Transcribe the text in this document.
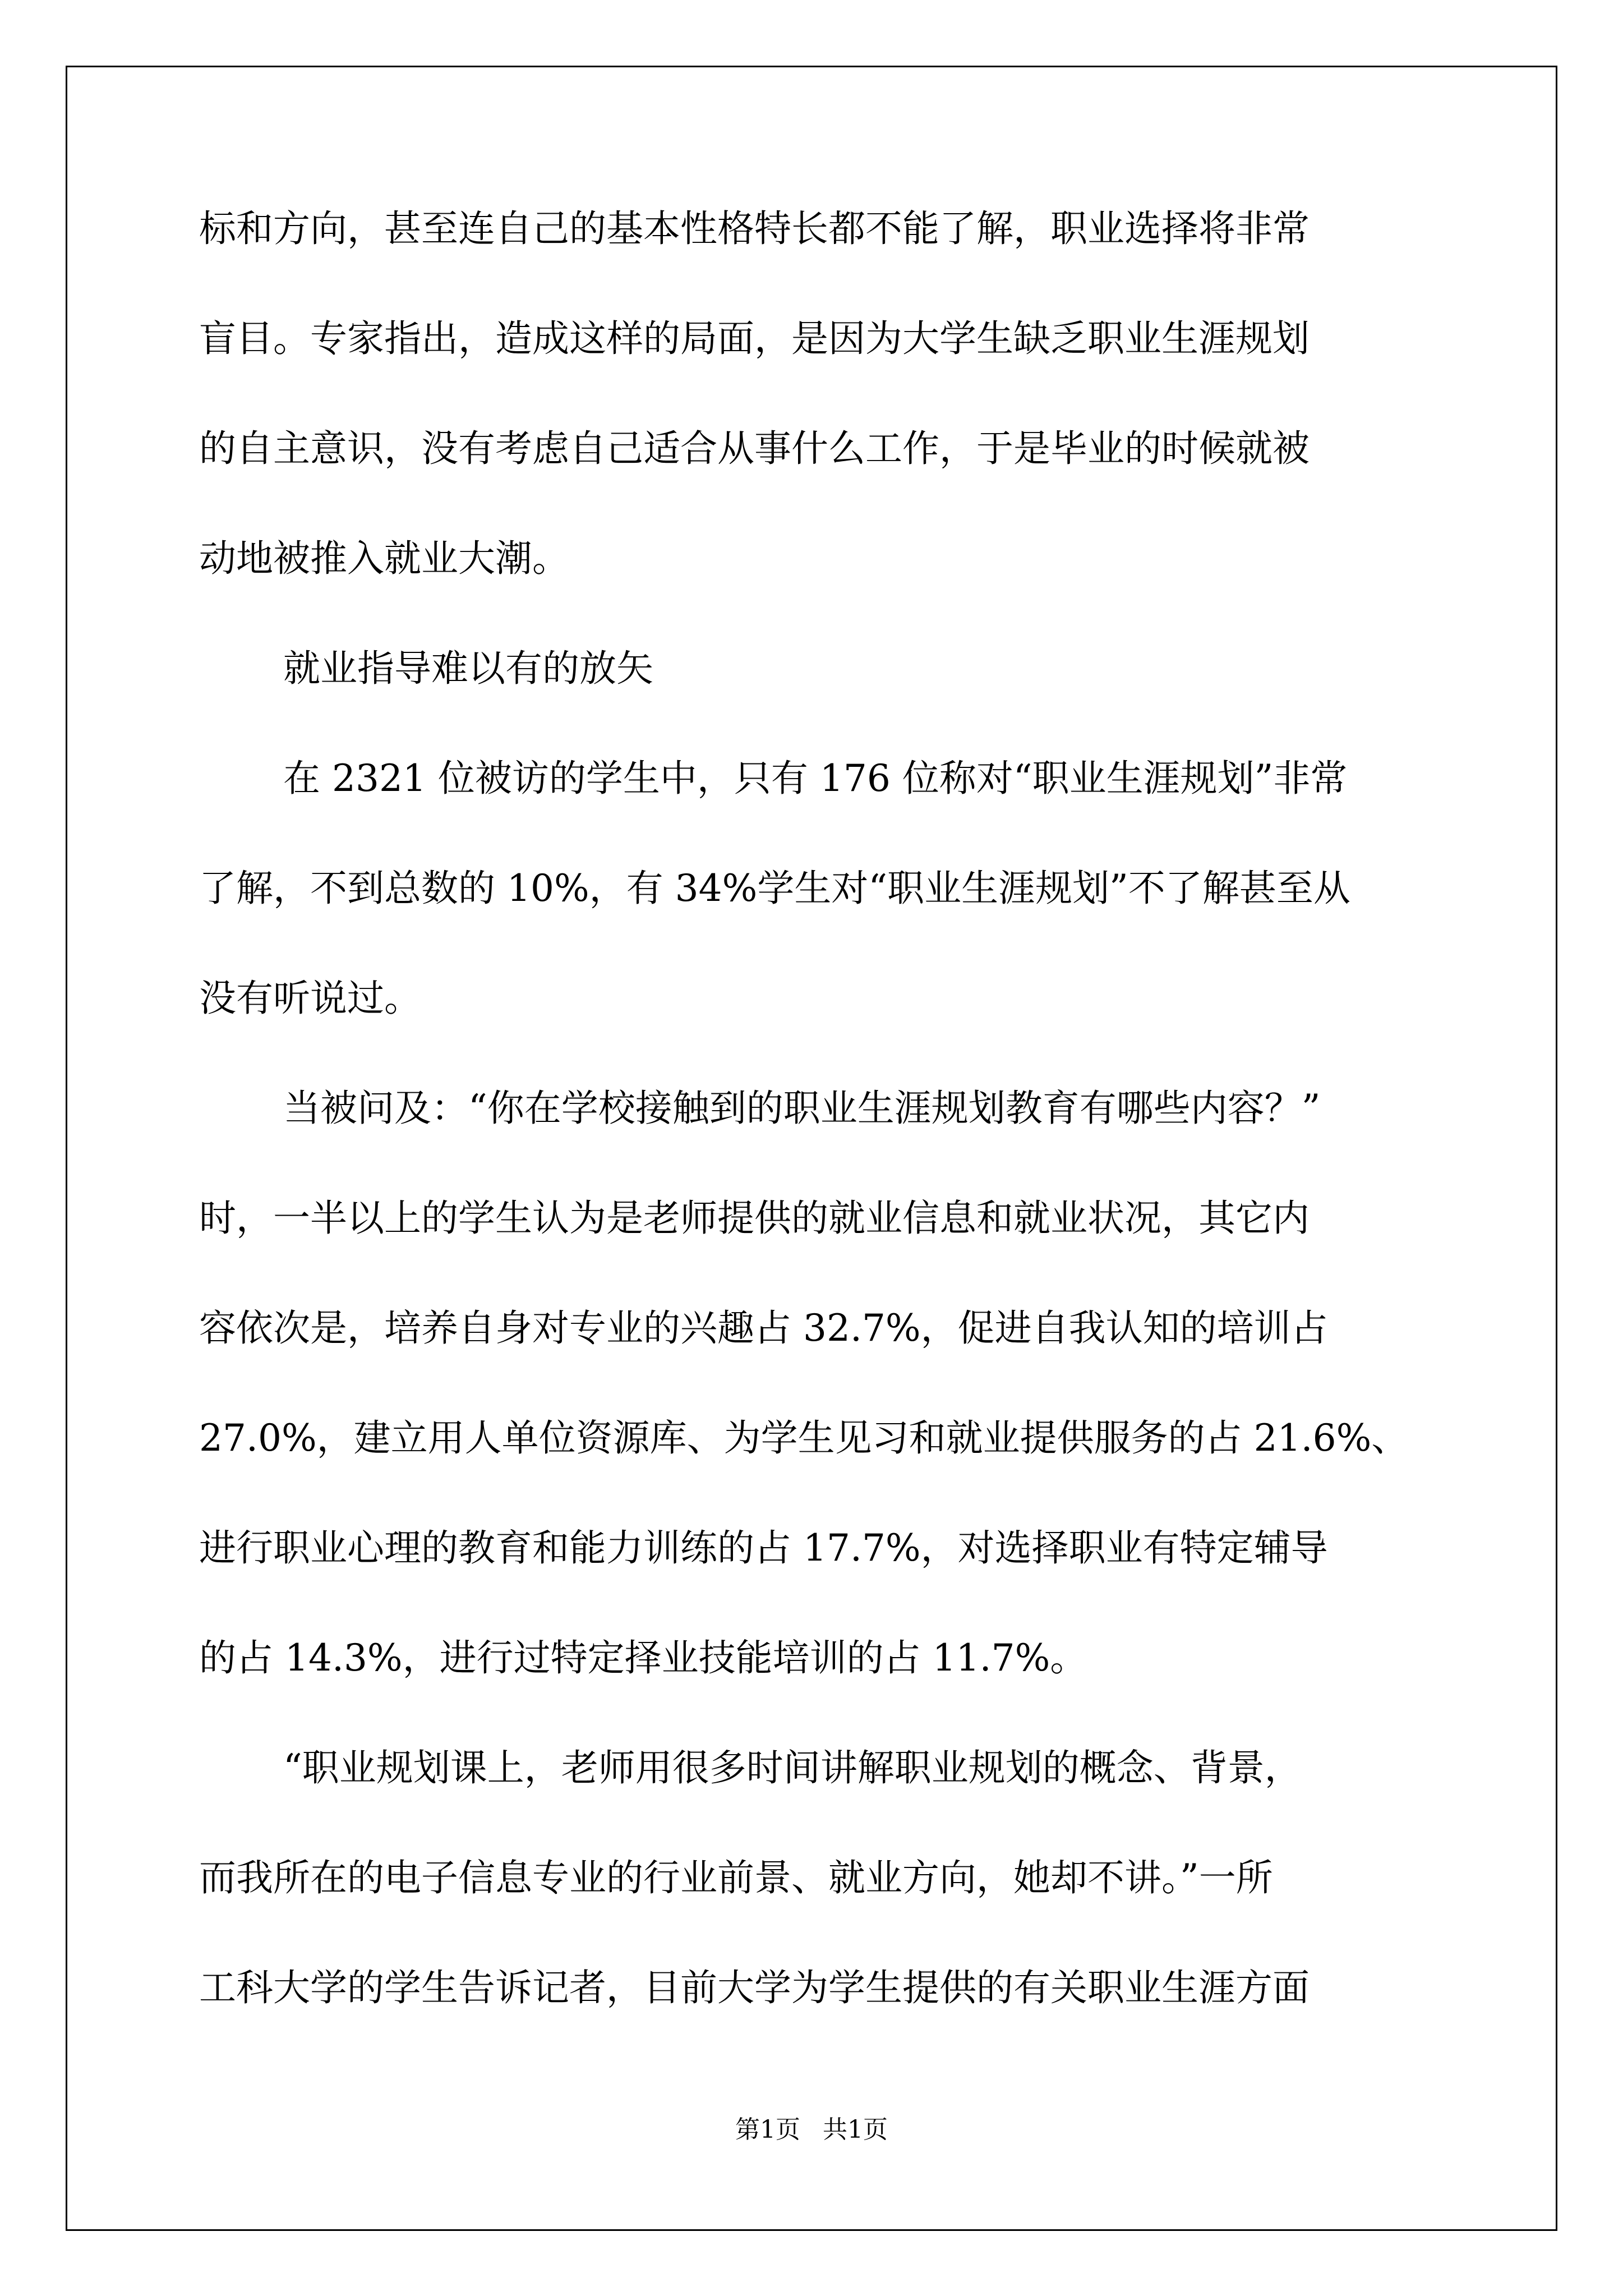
标和方向，甚至连自己的基本性格特长都不能了解，职业选择将非常
盲目。专家指出，造成这样的局面，是因为大学生缺乏职业生涯规划
的自主意识，没有考虑自己适合从事什么工作，于是毕业的时候就被
动地被推入就业大潮。
就业指导难以有的放矢
在 2321 位被访的学生中，只有 176 位称对“职业生涯规划”非常
了解，不到总数的 10%，有 34%学生对“职业生涯规划”不了解甚至从
没有听说过。
当被问及：“你在学校接触到的职业生涯规划教育有哪些内容？”
时，一半以上的学生认为是老师提供的就业信息和就业状况，其它内
容依次是，培养自身对专业的兴趣占 32.7%，促进自我认知的培训占
27.0%，建立用人单位资源库、为学生见习和就业提供服务的占 21.6%、
进行职业心理的教育和能力训练的占 17.7%，对选择职业有特定辅导
的占 14.3%，进行过特定择业技能培训的占 11.7%。
“职业规划课上，老师用很多时间讲解职业规划的概念、背景，
而我所在的电子信息专业的行业前景、就业方向，她却不讲。”一所
工科大学的学生告诉记者，目前大学为学生提供的有关职业生涯方面
第1页 共1页
